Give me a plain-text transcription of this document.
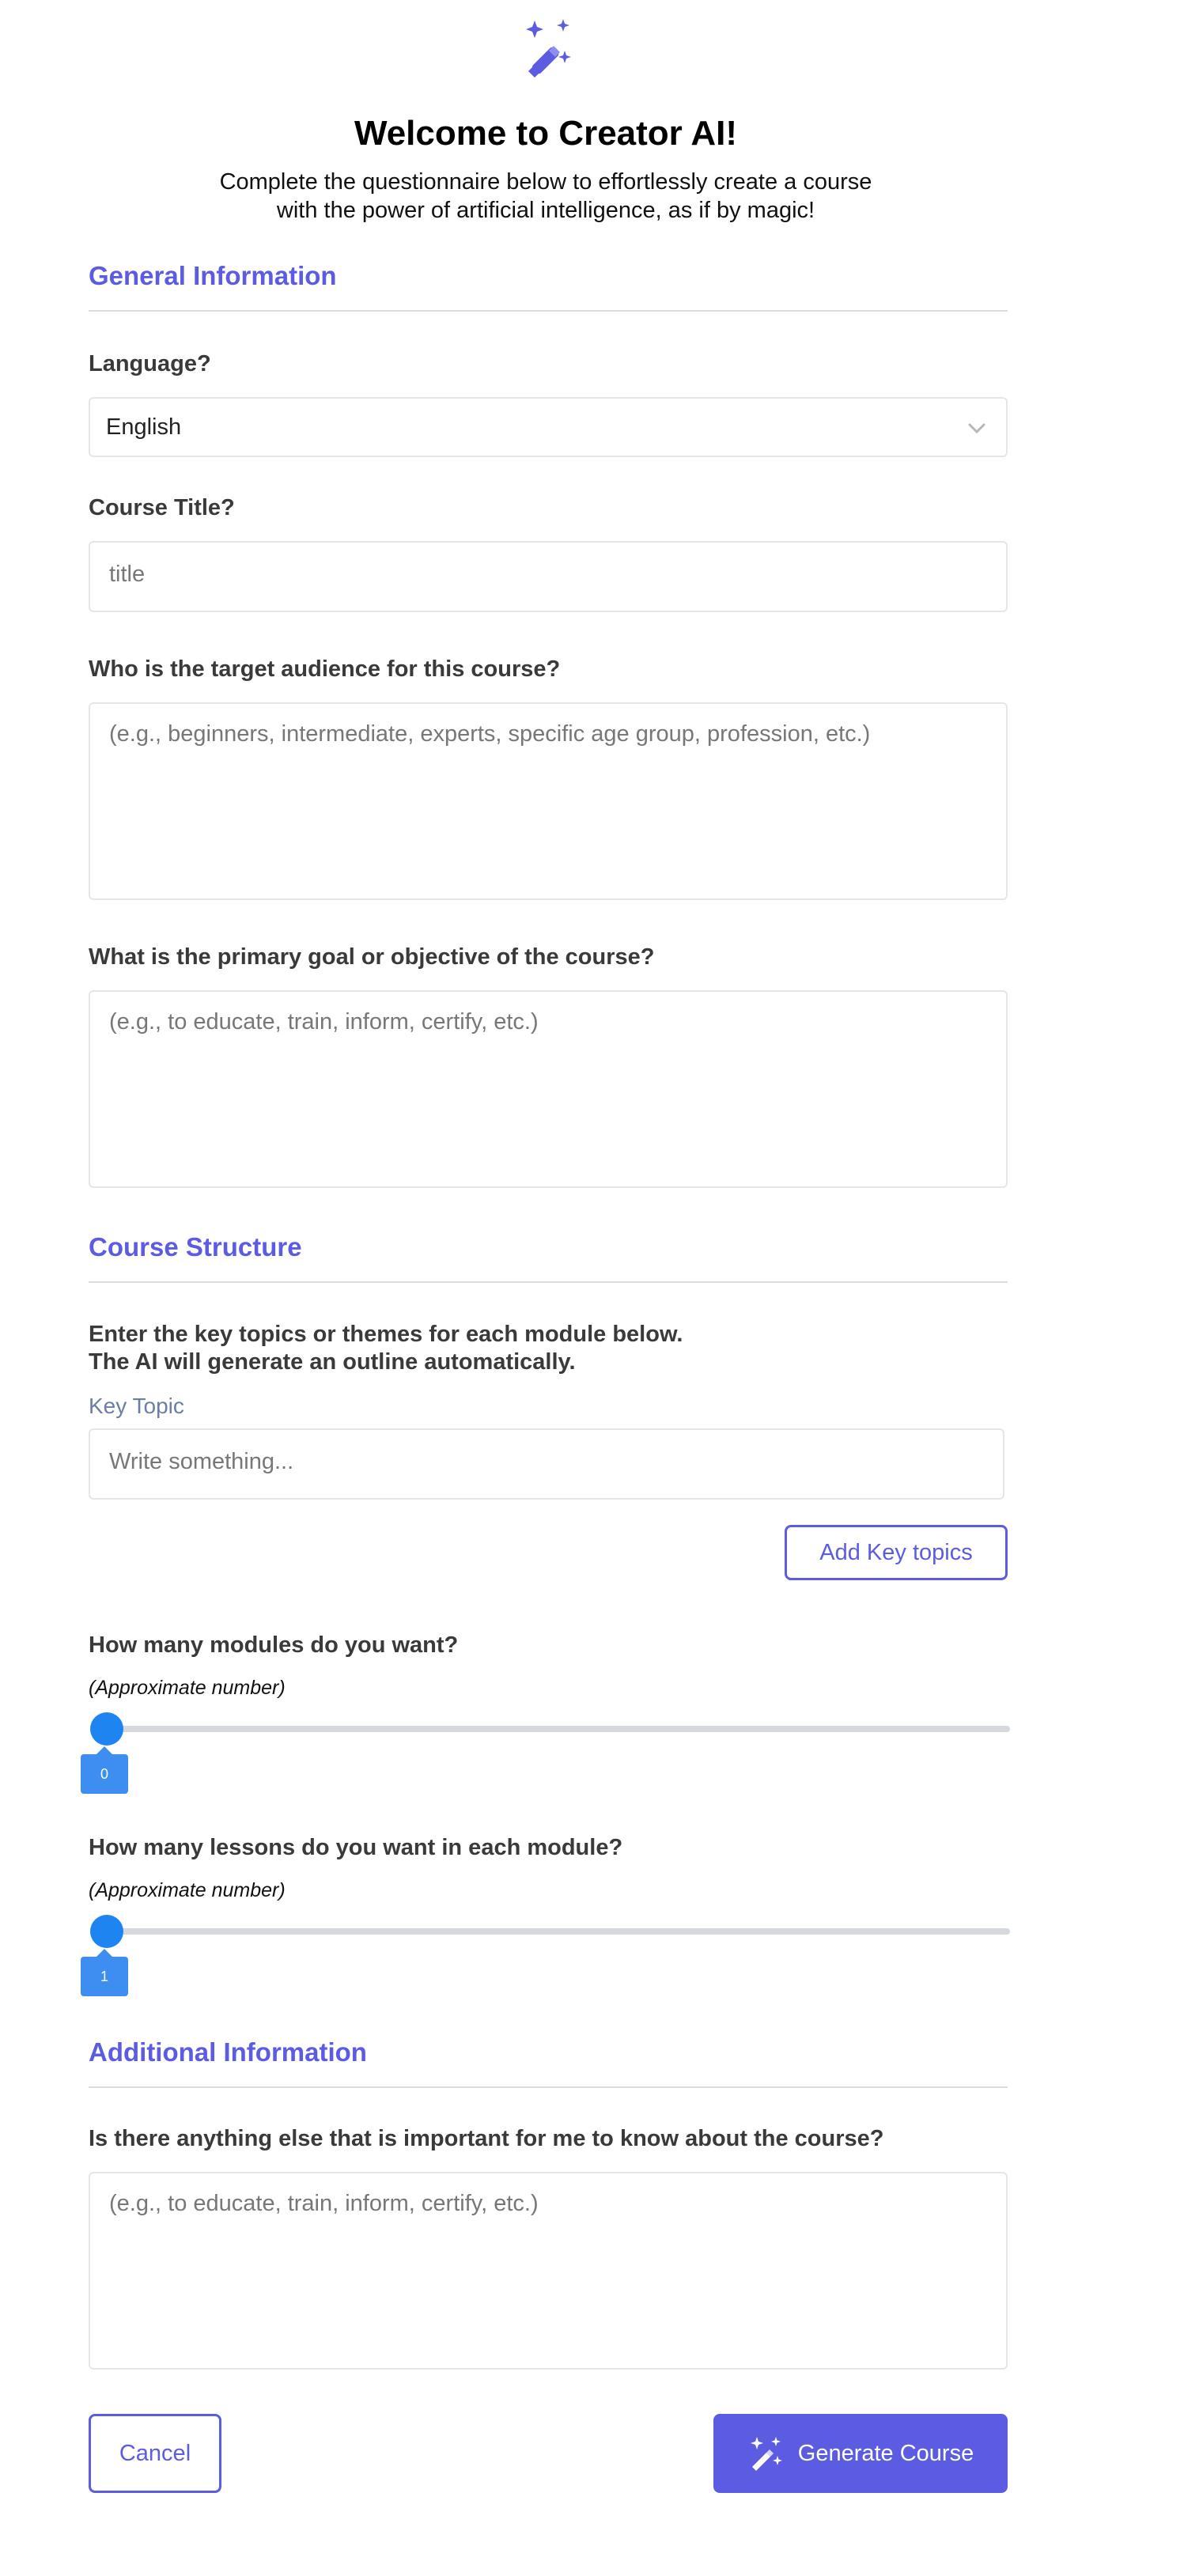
Welcome to Creator AI!
Complete the questionnaire below to effortlessly create a course
with the power of artificial intelligence, as if by magic!
General Information
Language?
English
Course Title?
title
Who is the target audience for this course?
(e.g., beginners, intermediate, experts, specific age group, profession, etc.)
What is the primary goal or objective of the course?
(e.g., to educate, train, inform, certify, etc.)
Course Structure
Enter the key topics or themes for each module below.
The AI will generate an outline automatically.
Key Topic
Write something...
Add Key topics
How many modules do you want?
(Approximate number)
0
How many lessons do you want in each module?
(Approximate number)
1
Additional Information
Is there anything else that is important for me to know about the course?
(e.g., to educate, train, inform, certify, etc.)
Cancel	Generate Course
